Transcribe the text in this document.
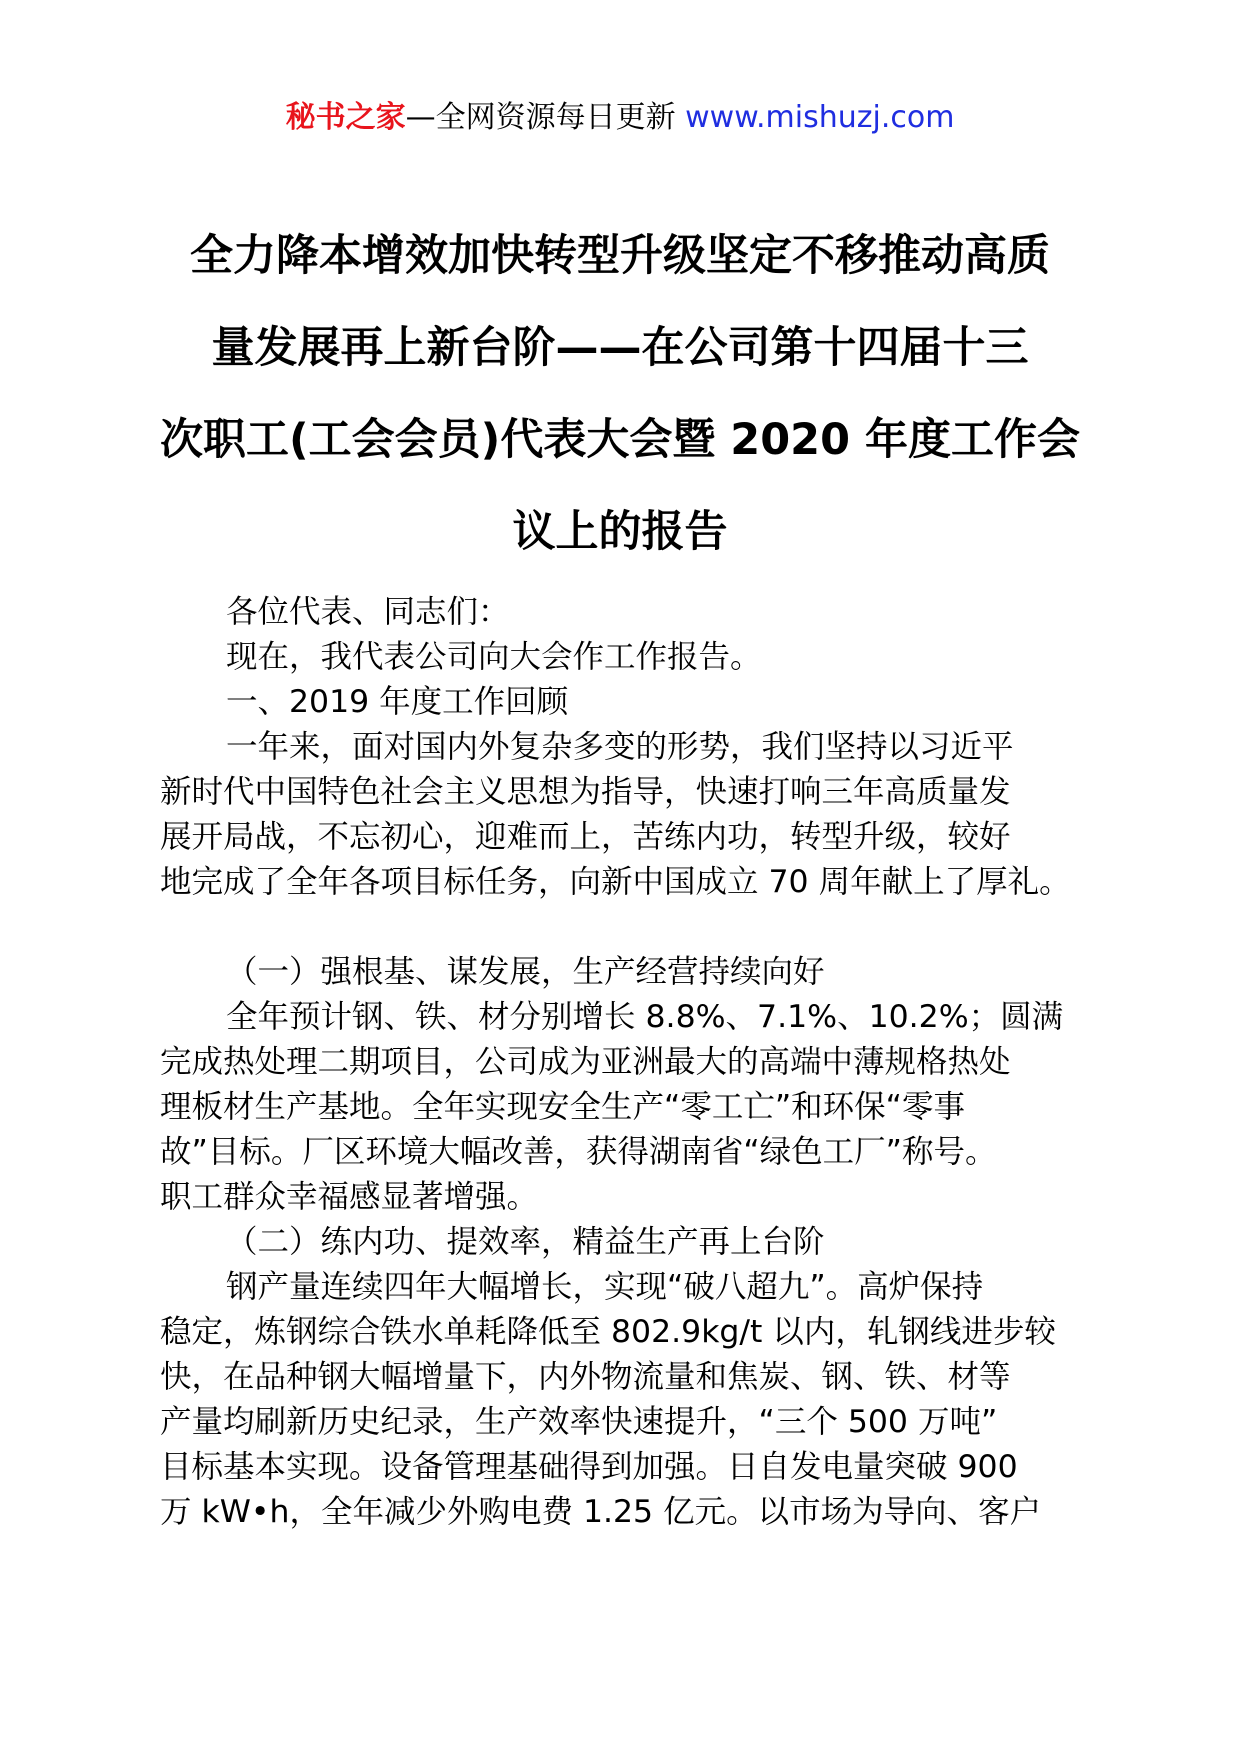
秘书之家—全网资源每日更新 www.mishuzj.com
全力降本增效加快转型升级坚定不移推动高质
量发展再上新台阶——在公司第十四届十三
次职工(工会会员)代表大会暨 2020 年度工作会
议上的报告

各位代表、同志们：

现在，我代表公司向大会作工作报告。

一、2019 年度工作回顾

一年来，面对国内外复杂多变的形势，我们坚持以习近平
新时代中国特色社会主义思想为指导，快速打响三年高质量发
展开局战，不忘初心，迎难而上，苦练内功，转型升级，较好
地完成了全年各项目标任务，向新中国成立 70 周年献上了厚礼。

（一）强根基、谋发展，生产经营持续向好

全年预计钢、铁、材分别增长 8.8%、7.1%、10.2%；圆满
完成热处理二期项目，公司成为亚洲最大的高端中薄规格热处
理板材生产基地。全年实现安全生产“零工亡”和环保“零事
故”目标。厂区环境大幅改善，获得湖南省“绿色工厂”称号。
职工群众幸福感显著增强。

（二）练内功、提效率，精益生产再上台阶

钢产量连续四年大幅增长，实现“破八超九”。高炉保持
稳定，炼钢综合铁水单耗降低至 802.9kg/t 以内，轧钢线进步较
快，在品种钢大幅增量下，内外物流量和焦炭、钢、铁、材等
产量均刷新历史纪录，生产效率快速提升，“三个 500 万吨”
目标基本实现。设备管理基础得到加强。日自发电量突破 900
万 kW•h，全年减少外购电费 1.25 亿元。以市场为导向、客户
